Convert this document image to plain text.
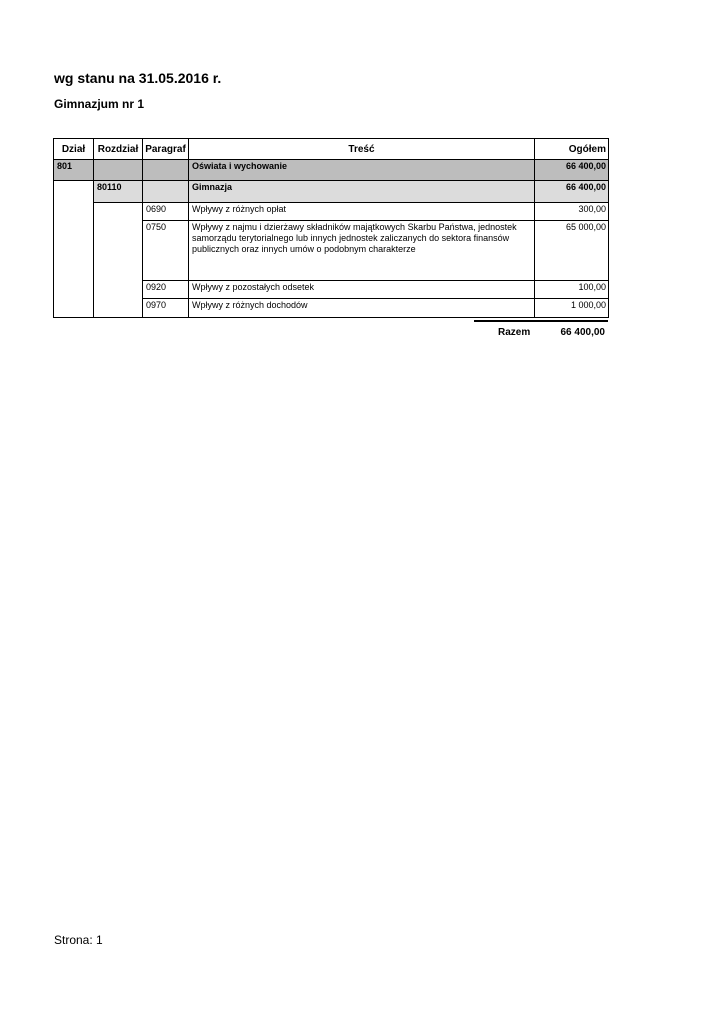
wg stanu na 31.05.2016 r.
Gimnazjum nr 1
Dział	Rozdział	Paragraf	Treść	Ogółem
801			Oświata i wychowanie	66 400,00
	80110		Gimnazja	66 400,00
		0690	Wpływy z różnych opłat	300,00
		0750	Wpływy z najmu i dzierżawy składników majątkowych Skarbu Państwa, jednostek samorządu terytorialnego lub innych jednostek zaliczanych do sektora finansów publicznych oraz innych umów o podobnym charakterze	65 000,00
		0920	Wpływy z pozostałych odsetek	100,00
		0970	Wpływy z różnych dochodów	1 000,00
Razem	66 400,00
Strona: 1
